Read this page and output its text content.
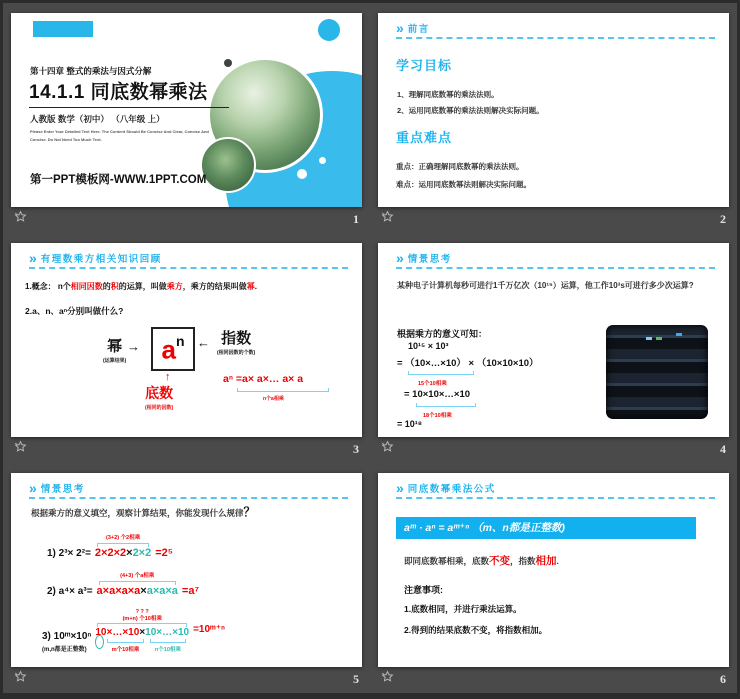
第十四章 整式的乘法与因式分解
14.1.1 同底数幂乘法
人教版 数学（初中） （八年级 上）
Please Enter Your Detailed Text Here. The Content Should Be Concise And Clear, Concise And Concise. Do Not Need Too Much Text.
第一PPT模板网-WWW.1PPT.COM
1
» 前言
学习目标
1、理解同底数幂的乘法法则。
2、运用同底数幂的乘法法则解决实际问题。
重点难点
重点：正确理解同底数幂的乘法法则。
难点：运用同底数幂法则解决实际问题。
2
» 有理数乘方相关知识回顾
1.概念： n个相同因数的积的运算，叫做乘方，乘方的结果叫做幂.
2.a、n、aⁿ分别叫做什么?
幂
(运算结果)
→ $a^n$ ← 指数
(相同因数的个数)
↑
底数
(相同的因数)
aⁿ =a× a×… a× a
n个a相乘
3
» 情景思考
某种电子计算机每秒可进行1千万亿次（10¹⁵）运算，他工作10³s可进行多少次运算?
根据乘方的意义可知：
10¹⁵ × 10³
= （10×…×10） × （10×10×10）
15个10相乘
= 10×10×…×10
18个10相乘
= 10¹⁸
4
» 情景思考
根据乘方的意义填空，观察计算结果，你能发现什么规律？
1) 2³× 2²=
(3+2) 个2相乘
2×2×2×2×2 =2⁵
2) a⁴× a³=
(4+3) 个a相乘
a×a×a×a×a×a×a =a⁷
3) 10ᵐ×10ⁿ
(m,n都是正整数)
? ? ?
(m+n) 个10相乘
10×…×10×10×…×10
m个10相乘	n个10相乘
=10ᵐ⁺ⁿ
5
» 同底数幂乘法公式
aᵐ · aⁿ = aᵐ⁺ⁿ （m、n都是正整数)
即同底数幂相乘，底数不变，指数相加.
注意事项:
1.底数相同，并进行乘法运算。
2.得到的结果底数不变，将指数相加。
6
